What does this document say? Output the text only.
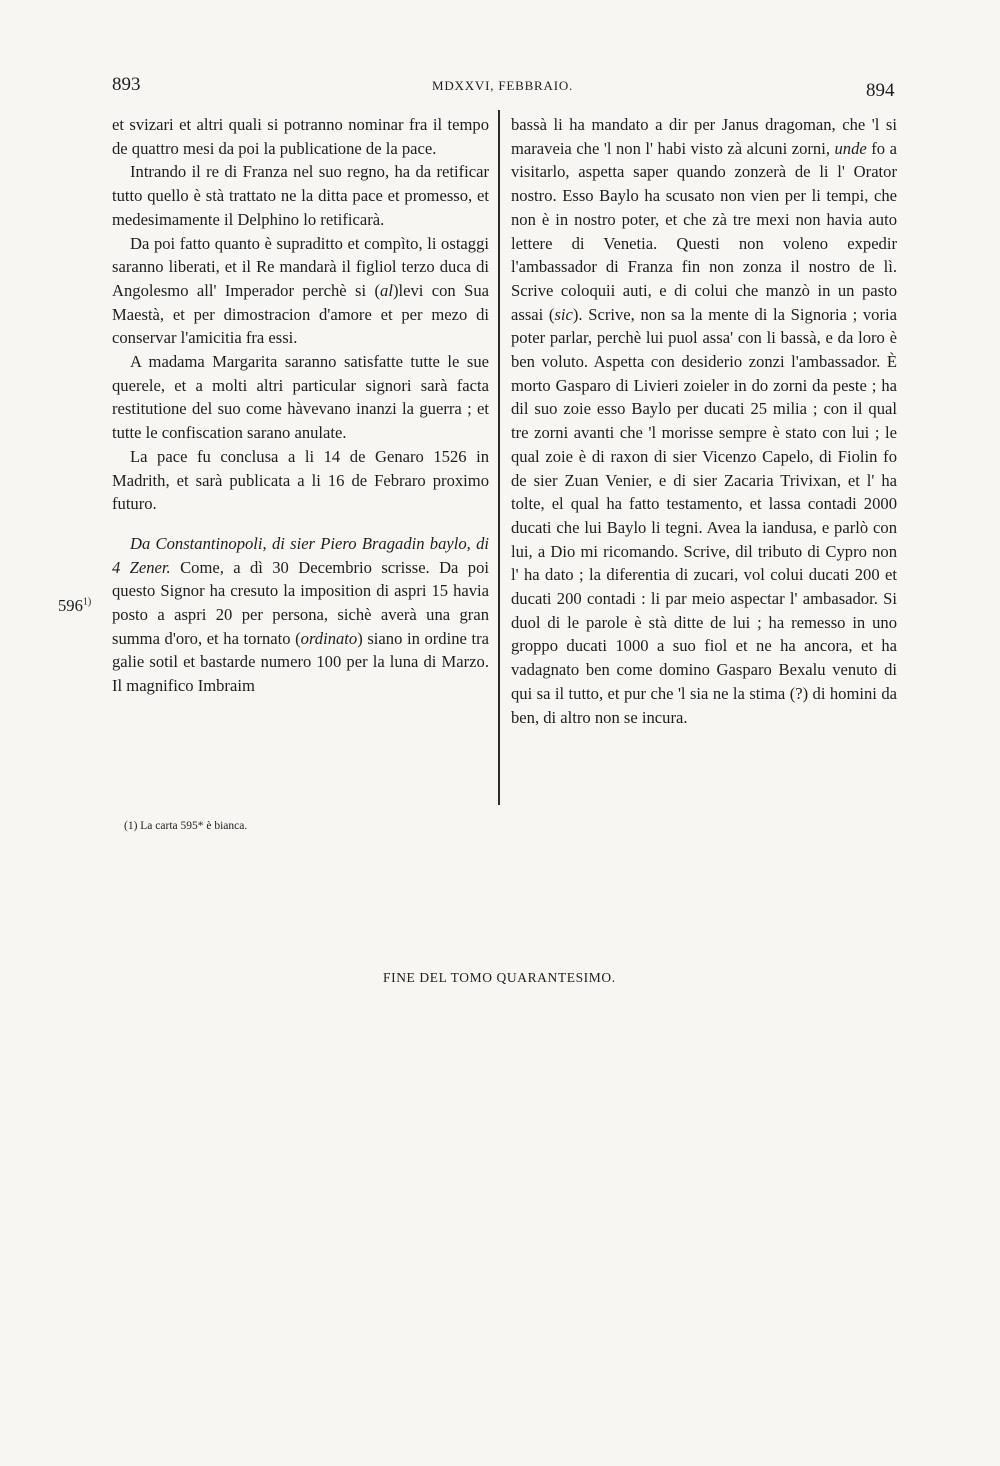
893	MDXXVI, FEBBRAIO.	894

et svizari et altri quali si potranno nominar fra il tempo de quattro mesi da poi la publicatione de la pace.

Intrando il re di Franza nel suo regno, ha da retificar tutto quello è stà trattato ne la ditta pace et promesso, et medesimamente il Delphino lo retificarà.

Da poi fatto quanto è supraditto et compìto, li ostaggi saranno liberati, et il Re mandarà il figliol terzo duca di Angolesmo all' Imperador perchè si (al)levi con Sua Maestà, et per dimostracion d'amore et per mezo di conservar l'amicitia fra essi.

A madama Margarita saranno satisfatte tutte le sue querele, et a molti altri particular signori sarà facta restitutione del suo come hàvevano inanzi la guerra ; et tutte le confiscation sarano anulate.

La pace fu conclusa a li 14 de Genaro 1526 in Madrith, et sarà publicata a li 16 de Febraro proximo futuro.

Da Constantinopoli, di sier Piero Bragadin baylo, di 4 Zener. Come, a dì 30 Decembrio scrisse. Da poi questo Signor ha cresuto la imposition di aspri 15 havia posto a aspri 20 per persona, sichè averà una gran summa d'oro, et ha tornato (ordinato) siano in ordine tra galie sotil et bastarde numero 100 per la luna di Marzo. Il magnifico Imbraim

596$^{1)}$

bassà li ha mandato a dir per Janus dragoman, che 'l si maraveia che 'l non l' habi visto zà alcuni zorni, unde fo a visitarlo, aspetta saper quando zonzerà de li l' Orator nostro. Esso Baylo ha scusato non vien per li tempi, che non è in nostro poter, et che zà tre mexi non havia auto lettere di Venetia. Questi non voleno expedir l'ambassador di Franza fin non zonza il nostro de lì. Scrive coloquii auti, e di colui che manzò in un pasto assai (sic). Scrive, non sa la mente di la Signoria ; voria poter parlar, perchè lui puol assa' con li bassà, e da loro è ben voluto. Aspetta con desiderio zonzi l'ambassador. È morto Gasparo di Livieri zoieler in do zorni da peste ; ha dil suo zoie esso Baylo per ducati 25 milia ; con il qual tre zorni avanti che 'l morisse sempre è stato con lui ; le qual zoie è di raxon di sier Vicenzo Capelo, di Fiolin fo de sier Zuan Venier, e di sier Zacaria Trivixan, et l' ha tolte, el qual ha fatto testamento, et lassa contadi 2000 ducati che lui Baylo li tegni. Avea la iandusa, e parlò con lui, a Dio mi ricomando. Scrive, dil tributo di Cypro non l' ha dato ; la diferentia di zucari, vol colui ducati 200 et ducati 200 contadi : li par meio aspectar l' ambasador. Si duol di le parole è stà ditte de lui ; ha remesso in uno groppo ducati 1000 a suo fiol et ne ha ancora, et ha vadagnato ben come domino Gasparo Bexalu venuto di qui sa il tutto, et pur che 'l sia ne la stima (?) di homini da ben, di altro non se incura.

(1) La carta 595* è bianca.
FINE DEL TOMO QUARANTESIMO.
